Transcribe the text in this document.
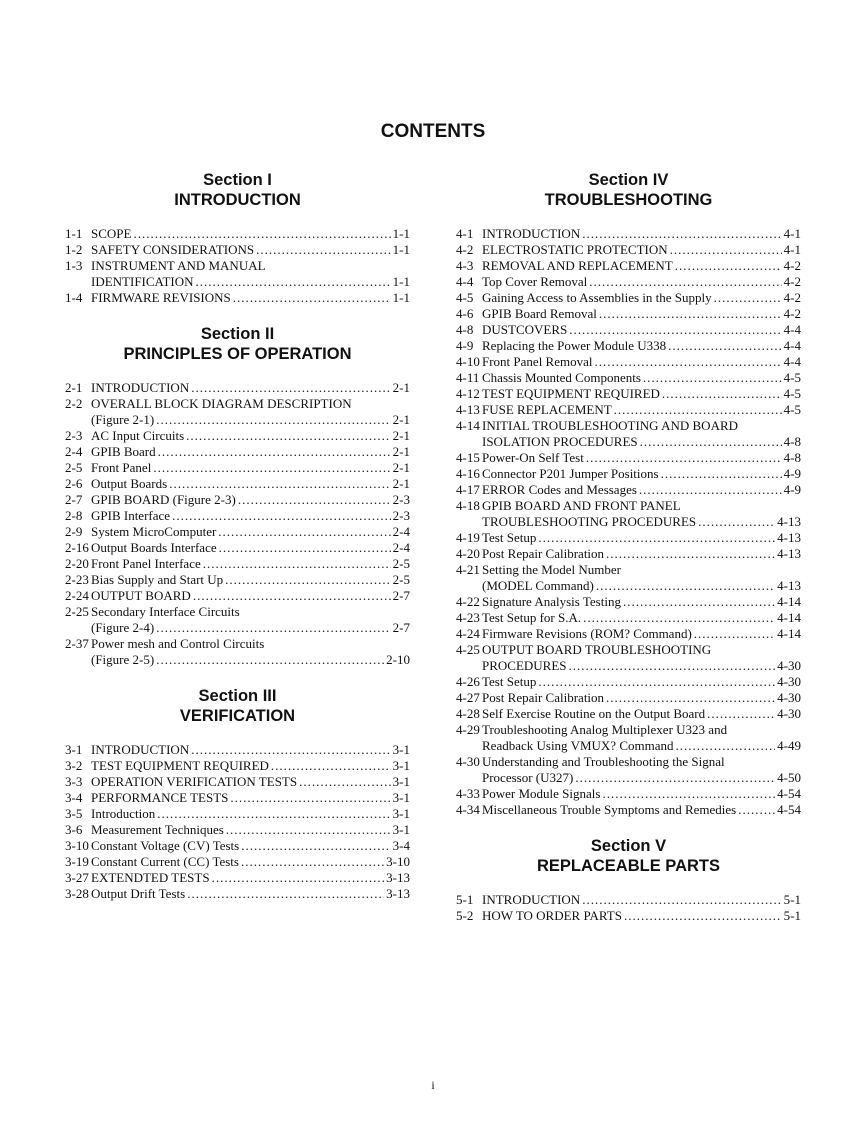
CONTENTS
Section I
INTRODUCTION
1-1 SCOPE .....	1-1
1-2 SAFETY CONSIDERATIONS .....	1-1
1-3 INSTRUMENT AND MANUAL
IDENTIFICATION .....	1-1
1-4 FIRMWARE REVISIONS .....	1-1
Section II
PRINCIPLES OF OPERATION
2-1 INTRODUCTION .....	2-1
2-2 OVERALL BLOCK DIAGRAM DESCRIPTION
(Figure 2-1) .....	2-1
2-3 AC Input Circuits .....	2-1
2-4 GPIB Board .....	2-1
2-5 Front Panel .....	2-1
2-6 Output Boards .....	2-1
2-7 GPIB BOARD (Figure 2-3) .....	2-3
2-8 GPIB Interface .....	2-3
2-9 System MicroComputer .....	2-4
2-16 Output Boards Interface .....	2-4
2-20 Front Panel Interface .....	2-5
2-23 Bias Supply and Start Up .....	2-5
2-24 OUTPUT BOARD .....	2-7
2-25 Secondary Interface Circuits
(Figure 2-4) .....	2-7
2-37 Power mesh and Control Circuits
(Figure 2-5) .....	2-10
Section III
VERIFICATION
3-1 INTRODUCTION .....	3-1
3-2 TEST EQUIPMENT REQUIRED .....	3-1
3-3 OPERATION VERIFICATION TESTS .....	3-1
3-4 PERFORMANCE TESTS .....	3-1
3-5 Introduction .....	3-1
3-6 Measurement Techniques .....	3-1
3-10 Constant Voltage (CV) Tests .....	3-4
3-19 Constant Current (CC) Tests .....	3-10
3-27 EXTENDTED TESTS .....	3-13
3-28 Output Drift Tests .....	3-13
Section IV
TROUBLESHOOTING
4-1 INTRODUCTION .....	4-1
4-2 ELECTROSTATIC PROTECTION .....	4-1
4-3 REMOVAL AND REPLACEMENT .....	4-2
4-4 Top Cover Removal .....	4-2
4-5 Gaining Access to Assemblies in the Supply .....	4-2
4-6 GPIB Board Removal .....	4-2
4-8 DUSTCOVERS .....	4-4
4-9 Replacing the Power Module U338 .....	4-4
4-10 Front Panel Removal .....	4-4
4-11 Chassis Mounted Components .....	4-5
4-12 TEST EQUIPMENT REQUIRED .....	4-5
4-13 FUSE REPLACEMENT .....	4-5
4-14 INITIAL TROUBLESHOOTING AND BOARD
ISOLATION PROCEDURES .....	4-8
4-15 Power-On Self Test .....	4-8
4-16 Connector P201 Jumper Positions .....	4-9
4-17 ERROR Codes and Messages .....	4-9
4-18 GPIB BOARD AND FRONT PANEL
TROUBLESHOOTING PROCEDURES .....	4-13
4-19 Test Setup .....	4-13
4-20 Post Repair Calibration .....	4-13
4-21 Setting the Model Number
(MODEL Command) .....	4-13
4-22 Signature Analysis Testing .....	4-14
4-23 Test Setup for S.A. .....	4-14
4-24 Firmware Revisions (ROM? Command) .....	4-14
4-25 OUTPUT BOARD TROUBLESHOOTING
PROCEDURES .....	4-30
4-26 Test Setup .....	4-30
4-27 Post Repair Calibration .....	4-30
4-28 Self Exercise Routine on the Output Board .....	4-30
4-29 Troubleshooting Analog Multiplexer U323 and
Readback Using VMUX? Command .....	4-49
4-30 Understanding and Troubleshooting the Signal
Processor (U327) .....	4-50
4-33 Power Module Signals .....	4-54
4-34 Miscellaneous Trouble Symptoms and Remedies .....	4-54
Section V
REPLACEABLE PARTS
5-1 INTRODUCTION .....	5-1
5-2 HOW TO ORDER PARTS .....	5-1
i
